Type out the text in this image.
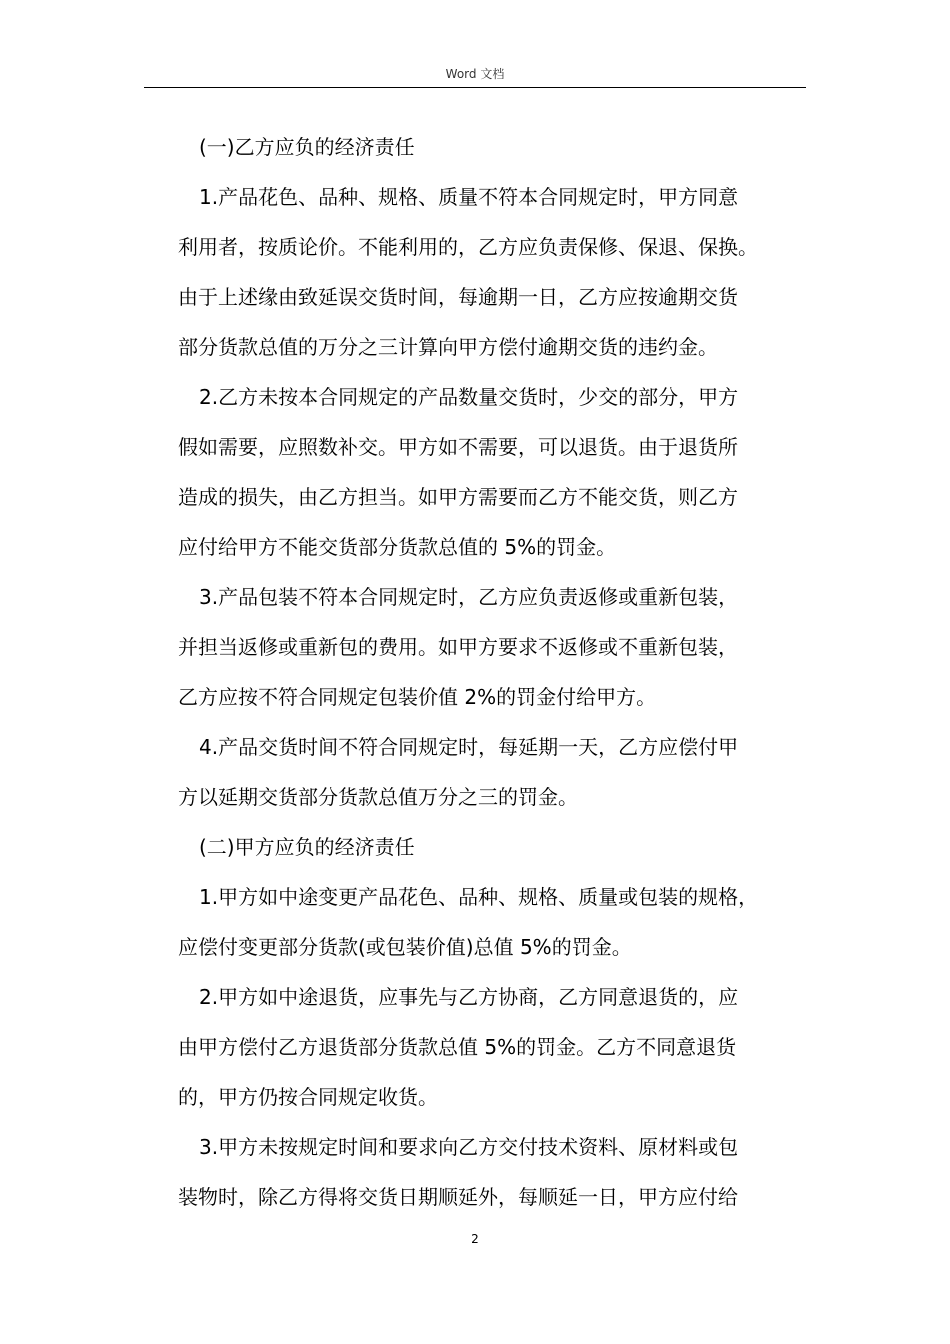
Word 文档
(一)乙方应负的经济责任
1.产品花色、品种、规格、质量不符本合同规定时，甲方同意
利用者，按质论价。不能利用的，乙方应负责保修、保退、保换。
由于上述缘由致延误交货时间，每逾期一日，乙方应按逾期交货
部分货款总值的万分之三计算向甲方偿付逾期交货的违约金。
2.乙方未按本合同规定的产品数量交货时，少交的部分，甲方
假如需要，应照数补交。甲方如不需要，可以退货。由于退货所
造成的损失，由乙方担当。如甲方需要而乙方不能交货，则乙方
应付给甲方不能交货部分货款总值的 5%的罚金。
3.产品包装不符本合同规定时，乙方应负责返修或重新包装，
并担当返修或重新包的费用。如甲方要求不返修或不重新包装，
乙方应按不符合同规定包装价值 2%的罚金付给甲方。
4.产品交货时间不符合同规定时，每延期一天，乙方应偿付甲
方以延期交货部分货款总值万分之三的罚金。
(二)甲方应负的经济责任
1.甲方如中途变更产品花色、品种、规格、质量或包装的规格，
应偿付变更部分货款(或包装价值)总值 5%的罚金。
2.甲方如中途退货，应事先与乙方协商，乙方同意退货的，应
由甲方偿付乙方退货部分货款总值 5%的罚金。乙方不同意退货
的，甲方仍按合同规定收货。
3.甲方未按规定时间和要求向乙方交付技术资料、原材料或包
装物时，除乙方得将交货日期顺延外，每顺延一日，甲方应付给
2
